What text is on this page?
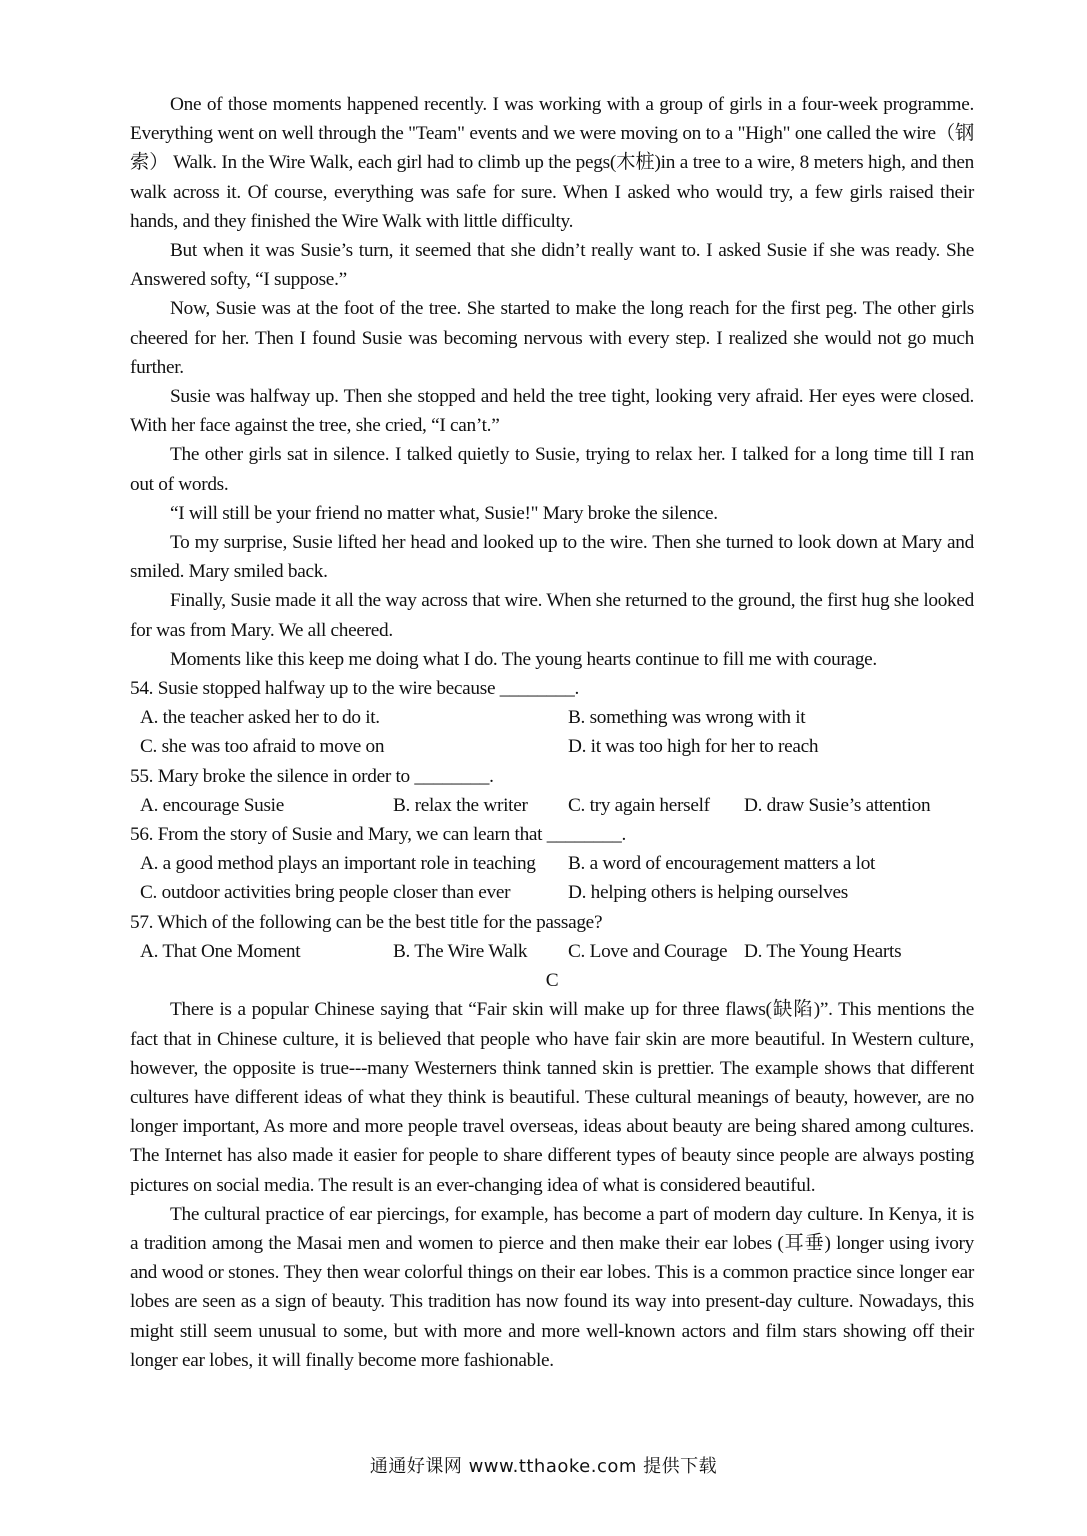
One of those moments happened recently. I was working with a group of girls in a four-week programme. Everything went on well through the "Team" events and we were moving on to a "High" one called the wire（钢索） Walk. In the Wire Walk, each girl had to climb up the pegs(木桩)in a tree to a wire, 8 meters high, and then walk across it. Of course, everything was safe for sure. When I asked who would try, a few girls raised their hands, and they finished the Wire Walk with little difficulty.

But when it was Susie’s turn, it seemed that she didn’t really want to. I asked Susie if she was ready. She Answered softy, “I suppose.”

Now, Susie was at the foot of the tree. She started to make the long reach for the first peg. The other girls cheered for her. Then I found Susie was becoming nervous with every step. I realized she would not go much further.

Susie was halfway up. Then she stopped and held the tree tight, looking very afraid. Her eyes were closed. With her face against the tree, she cried, “I can’t.”

The other girls sat in silence. I talked quietly to Susie, trying to relax her. I talked for a long time till I ran out of words.

“I will still be your friend no matter what, Susie!" Mary broke the silence.

To my surprise, Susie lifted her head and looked up to the wire. Then she turned to look down at Mary and smiled. Mary smiled back.

Finally, Susie made it all the way across that wire. When she returned to the ground, the first hug she looked for was from Mary. We all cheered.

Moments like this keep me doing what I do. The young hearts continue to fill me with courage.

54. Susie stopped halfway up to the wire because ________.

A. the teacher asked her to do it.	B. something was wrong with it
C. she was too afraid to move on	D. it was too high for her to reach

55. Mary broke the silence in order to ________.

A. encourage Susie	B. relax the writer	C. try again herself	D. draw Susie’s attention

56. From the story of Susie and Mary, we can learn that ________.

A. a good method plays an important role in teaching	B. a word of encouragement matters a lot
C. outdoor activities bring people closer than ever	D. helping others is helping ourselves

57. Which of the following can be the best title for the passage?

A. That One Moment	B. The Wire Walk	C. Love and Courage D. The Young Hearts

C

There is a popular Chinese saying that “Fair skin will make up for three flaws(缺陷)”. This mentions the fact that in Chinese culture, it is believed that people who have fair skin are more beautiful. In Western culture, however, the opposite is true---many Westerners think tanned skin is prettier. The example shows that different cultures have different ideas of what they think is beautiful. These cultural meanings of beauty, however, are no longer important, As more and more people travel overseas, ideas about beauty are being shared among cultures. The Internet has also made it easier for people to share different types of beauty since people are always posting pictures on social media. The result is an ever-changing idea of what is considered beautiful.

The cultural practice of ear piercings, for example, has become a part of modern day culture. In Kenya, it is a tradition among the Masai men and women to pierce and then make their ear lobes (耳垂) longer using ivory and wood or stones. They then wear colorful things on their ear lobes. This is a common practice since longer ear lobes are seen as a sign of beauty. This tradition has now found its way into present-day culture. Nowadays, this might still seem unusual to some, but with more and more well-known actors and film stars showing off their longer ear lobes, it will finally become more fashionable.

通通好课网 www.tthaoke.com 提供下载
